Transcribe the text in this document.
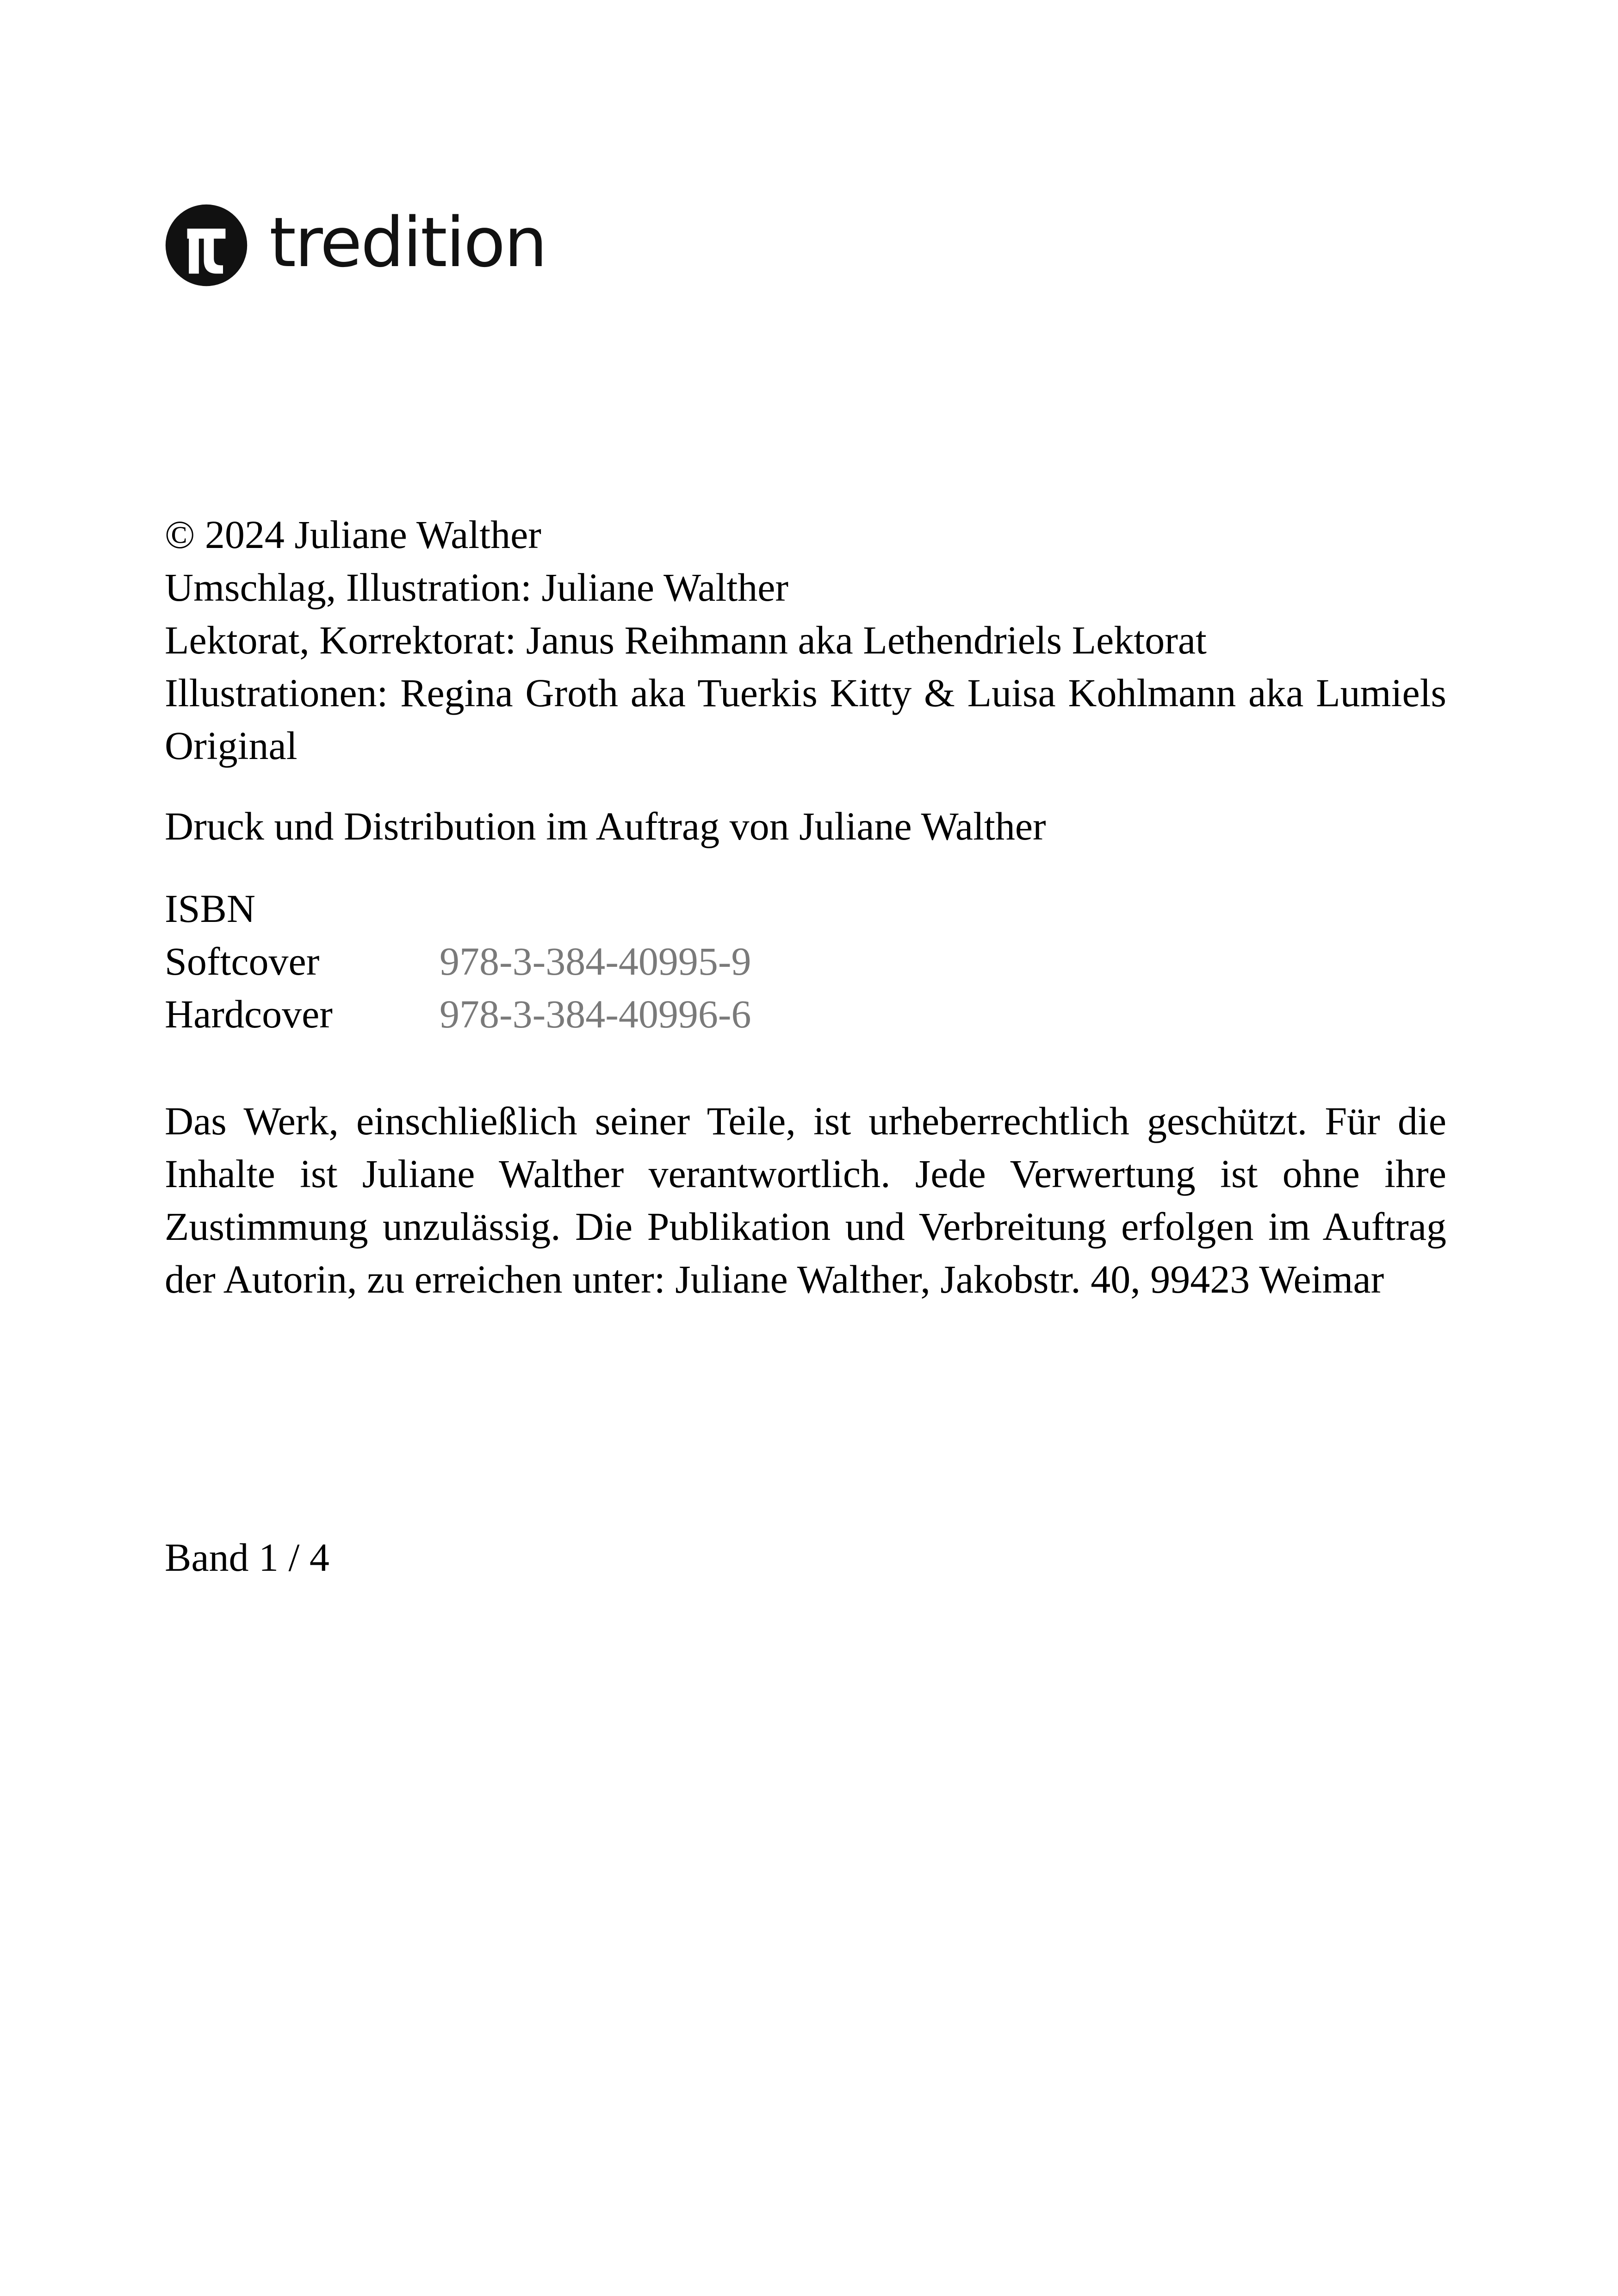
tredition
© 2024 Juliane Walther
Umschlag, Illustration: Juliane Walther
Lektorat, Korrektorat: Janus Reihmann aka Lethendriels Lektorat
Illustrationen: Regina Groth aka Tuerkis Kitty & Luisa Kohlmann aka Lumiels Original
Druck und Distribution im Auftrag von Juliane Walther
ISBN
Softcover	978-3-384-40995-9
Hardcover	978-3-384-40996-6
Das Werk, einschließlich seiner Teile, ist urheberrechtlich geschützt. Für die Inhalte ist Juliane Walther verantwortlich. Jede Verwertung ist ohne ihre Zustimmung unzulässig. Die Publikation und Verbreitung erfolgen im Auftrag der Autorin, zu erreichen unter: Juliane Walther, Jakobstr. 40, 99423 Weimar
Band 1 / 4
